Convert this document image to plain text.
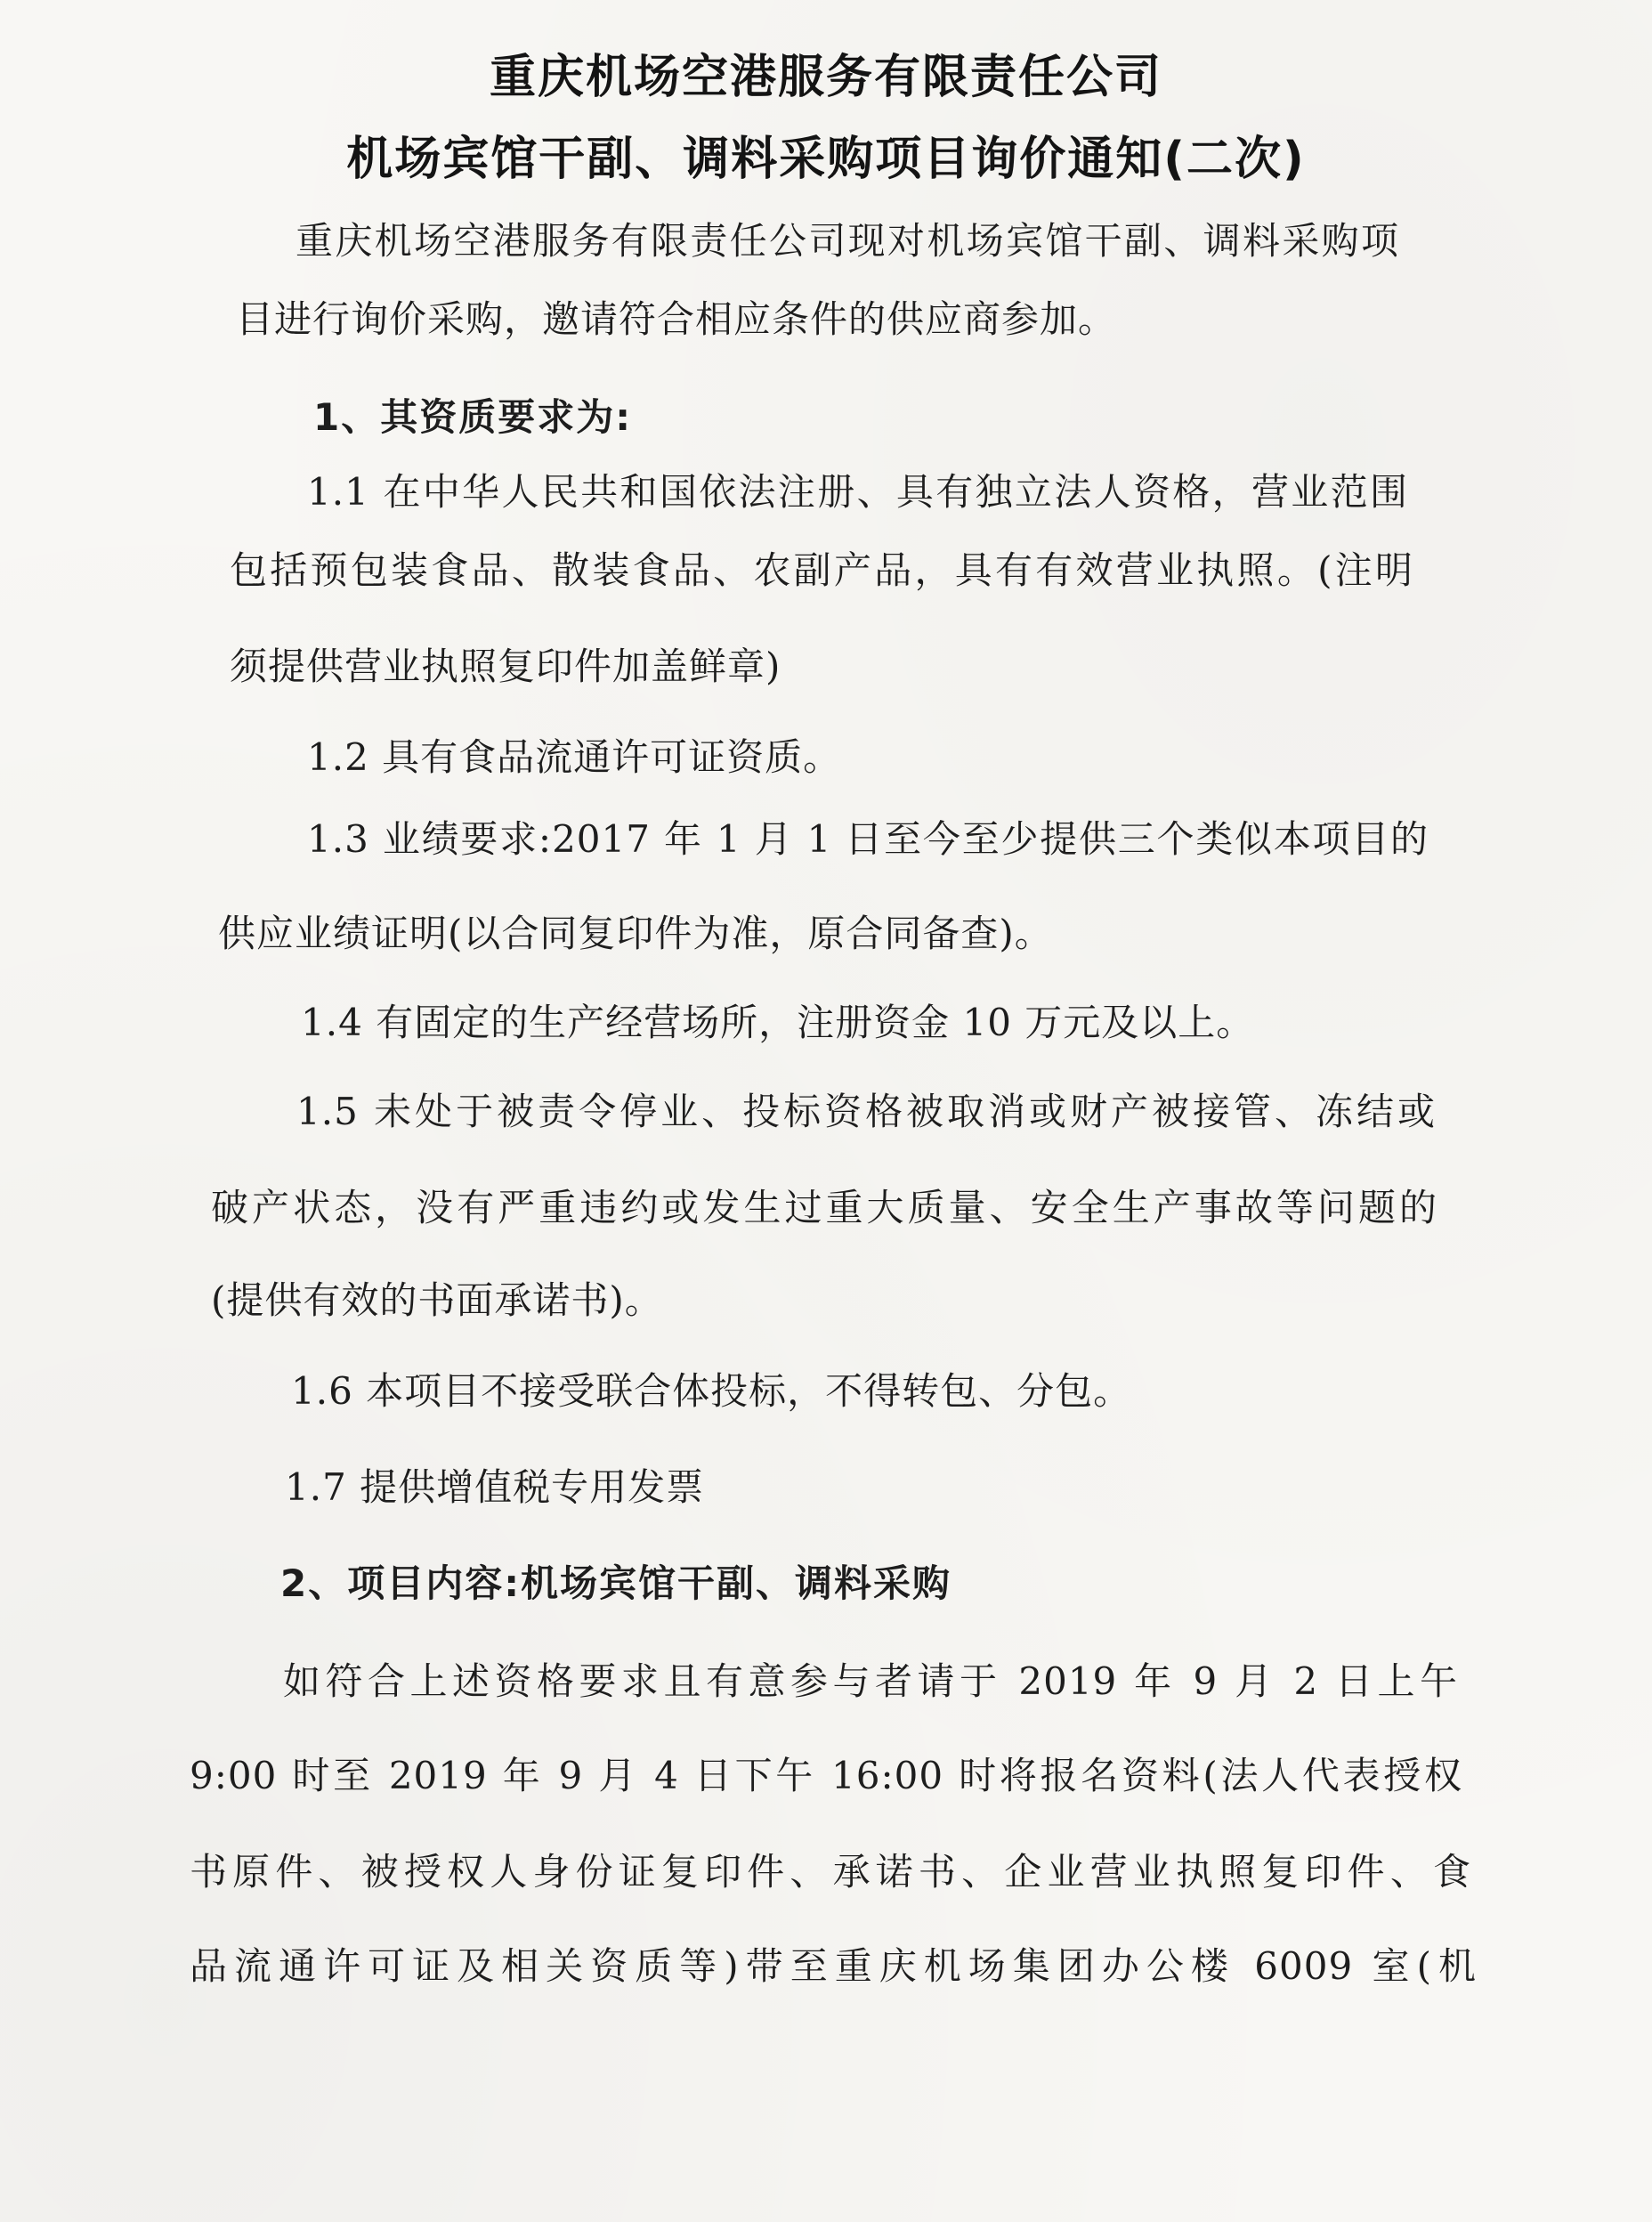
重庆机场空港服务有限责任公司
机场宾馆干副、调料采购项目询价通知(二次)
重庆机场空港服务有限责任公司现对机场宾馆干副、调料采购项
目进行询价采购，邀请符合相应条件的供应商参加。
1、其资质要求为:
1.1 在中华人民共和国依法注册、具有独立法人资格，营业范围
包括预包装食品、散装食品、农副产品，具有有效营业执照。(注明
须提供营业执照复印件加盖鲜章)
1.2 具有食品流通许可证资质。
1.3 业绩要求:2017 年 1 月 1 日至今至少提供三个类似本项目的
供应业绩证明(以合同复印件为准，原合同备查)。
1.4 有固定的生产经营场所，注册资金 10 万元及以上。
1.5 未处于被责令停业、投标资格被取消或财产被接管、冻结或
破产状态，没有严重违约或发生过重大质量、安全生产事故等问题的
(提供有效的书面承诺书)。
1.6 本项目不接受联合体投标，不得转包、分包。
1.7 提供增值税专用发票
2、项目内容:机场宾馆干副、调料采购
如符合上述资格要求且有意参与者请于 2019 年 9 月 2 日上午
9:00 时至 2019 年 9 月 4 日下午 16:00 时将报名资料(法人代表授权
书原件、被授权人身份证复印件、承诺书、企业营业执照复印件、食
品流通许可证及相关资质等)带至重庆机场集团办公楼 6009 室(机
